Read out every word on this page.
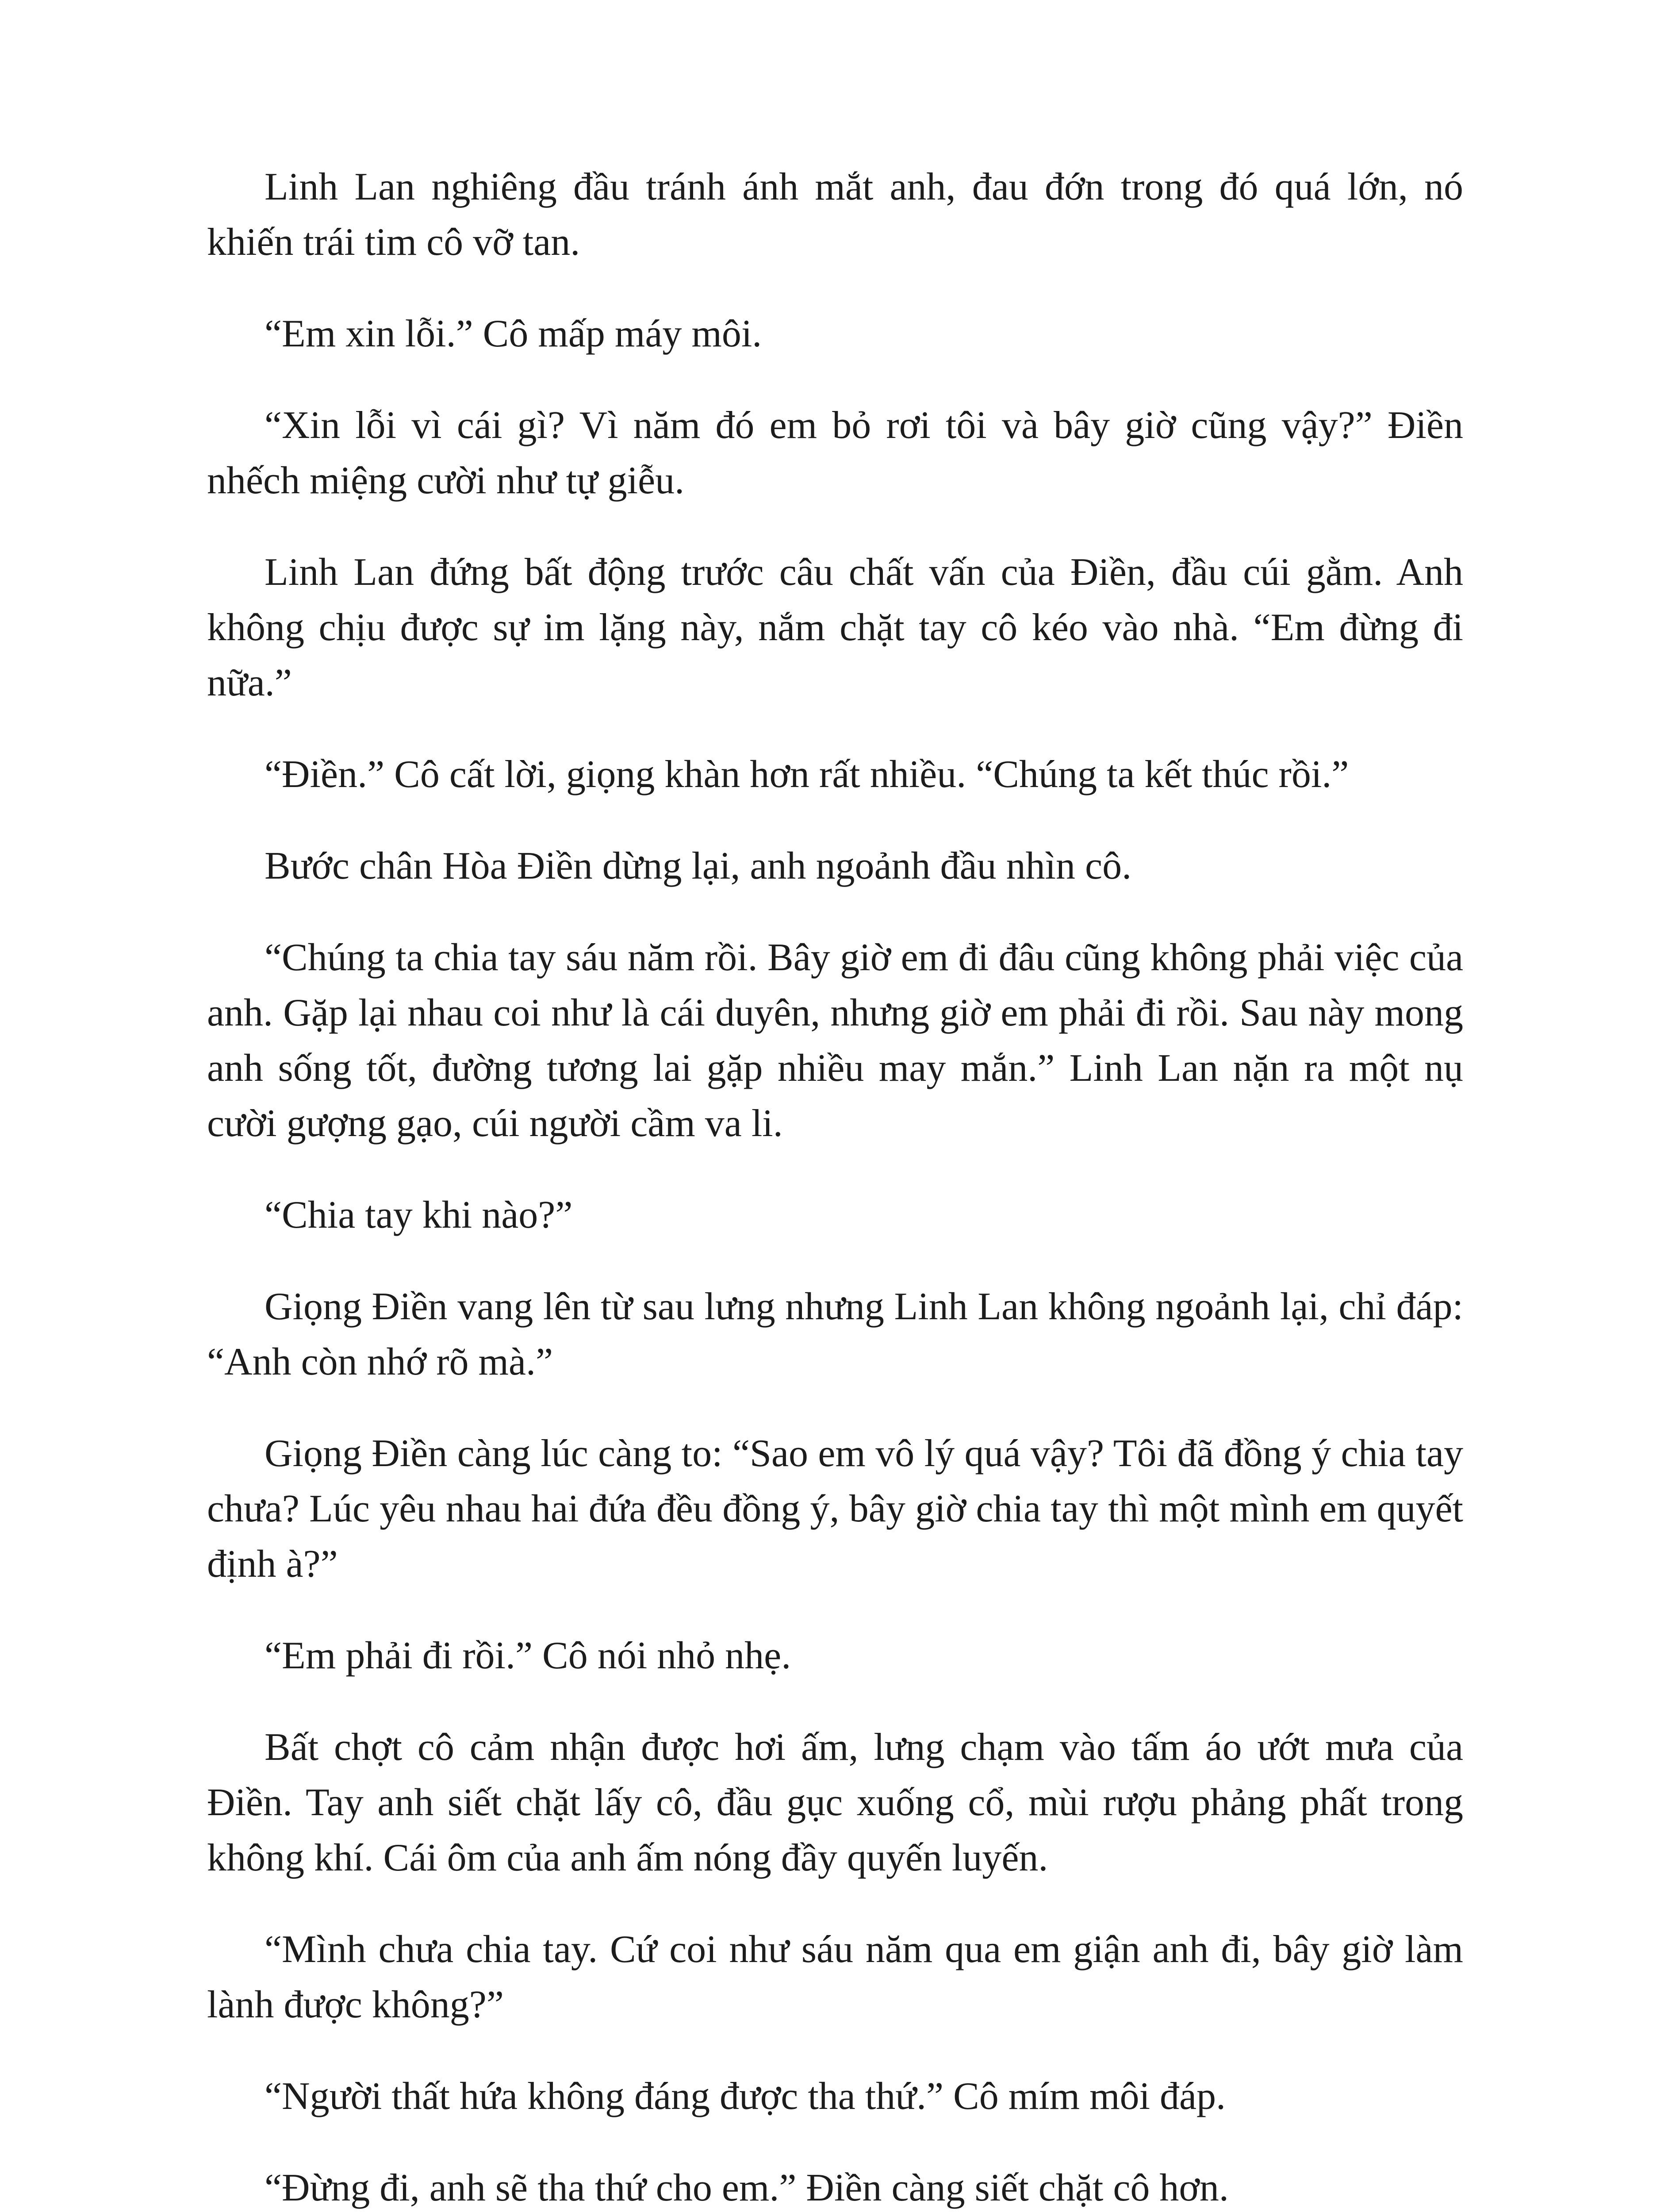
Linh Lan nghiêng đầu tránh ánh mắt anh, đau đớn trong đó quá lớn, nó khiến trái tim cô vỡ tan.

“Em xin lỗi.” Cô mấp máy môi.

“Xin lỗi vì cái gì? Vì năm đó em bỏ rơi tôi và bây giờ cũng vậy?” Điền nhếch miệng cười như tự giễu.

Linh Lan đứng bất động trước câu chất vấn của Điền, đầu cúi gằm. Anh không chịu được sự im lặng này, nắm chặt tay cô kéo vào nhà. “Em đừng đi nữa.”

“Điền.” Cô cất lời, giọng khàn hơn rất nhiều. “Chúng ta kết thúc rồi.”

Bước chân Hòa Điền dừng lại, anh ngoảnh đầu nhìn cô.

“Chúng ta chia tay sáu năm rồi. Bây giờ em đi đâu cũng không phải việc của anh. Gặp lại nhau coi như là cái duyên, nhưng giờ em phải đi rồi. Sau này mong anh sống tốt, đường tương lai gặp nhiều may mắn.” Linh Lan nặn ra một nụ cười gượng gạo, cúi người cầm va li.

“Chia tay khi nào?”

Giọng Điền vang lên từ sau lưng nhưng Linh Lan không ngoảnh lại, chỉ đáp: “Anh còn nhớ rõ mà.”

Giọng Điền càng lúc càng to: “Sao em vô lý quá vậy? Tôi đã đồng ý chia tay chưa? Lúc yêu nhau hai đứa đều đồng ý, bây giờ chia tay thì một mình em quyết định à?”

“Em phải đi rồi.” Cô nói nhỏ nhẹ.

Bất chợt cô cảm nhận được hơi ấm, lưng chạm vào tấm áo ướt mưa của Điền. Tay anh siết chặt lấy cô, đầu gục xuống cổ, mùi rượu phảng phất trong không khí. Cái ôm của anh ấm nóng đầy quyến luyến.

“Mình chưa chia tay. Cứ coi như sáu năm qua em giận anh đi, bây giờ làm lành được không?”

“Người thất hứa không đáng được tha thứ.” Cô mím môi đáp.

“Đừng đi, anh sẽ tha thứ cho em.” Điền càng siết chặt cô hơn.
